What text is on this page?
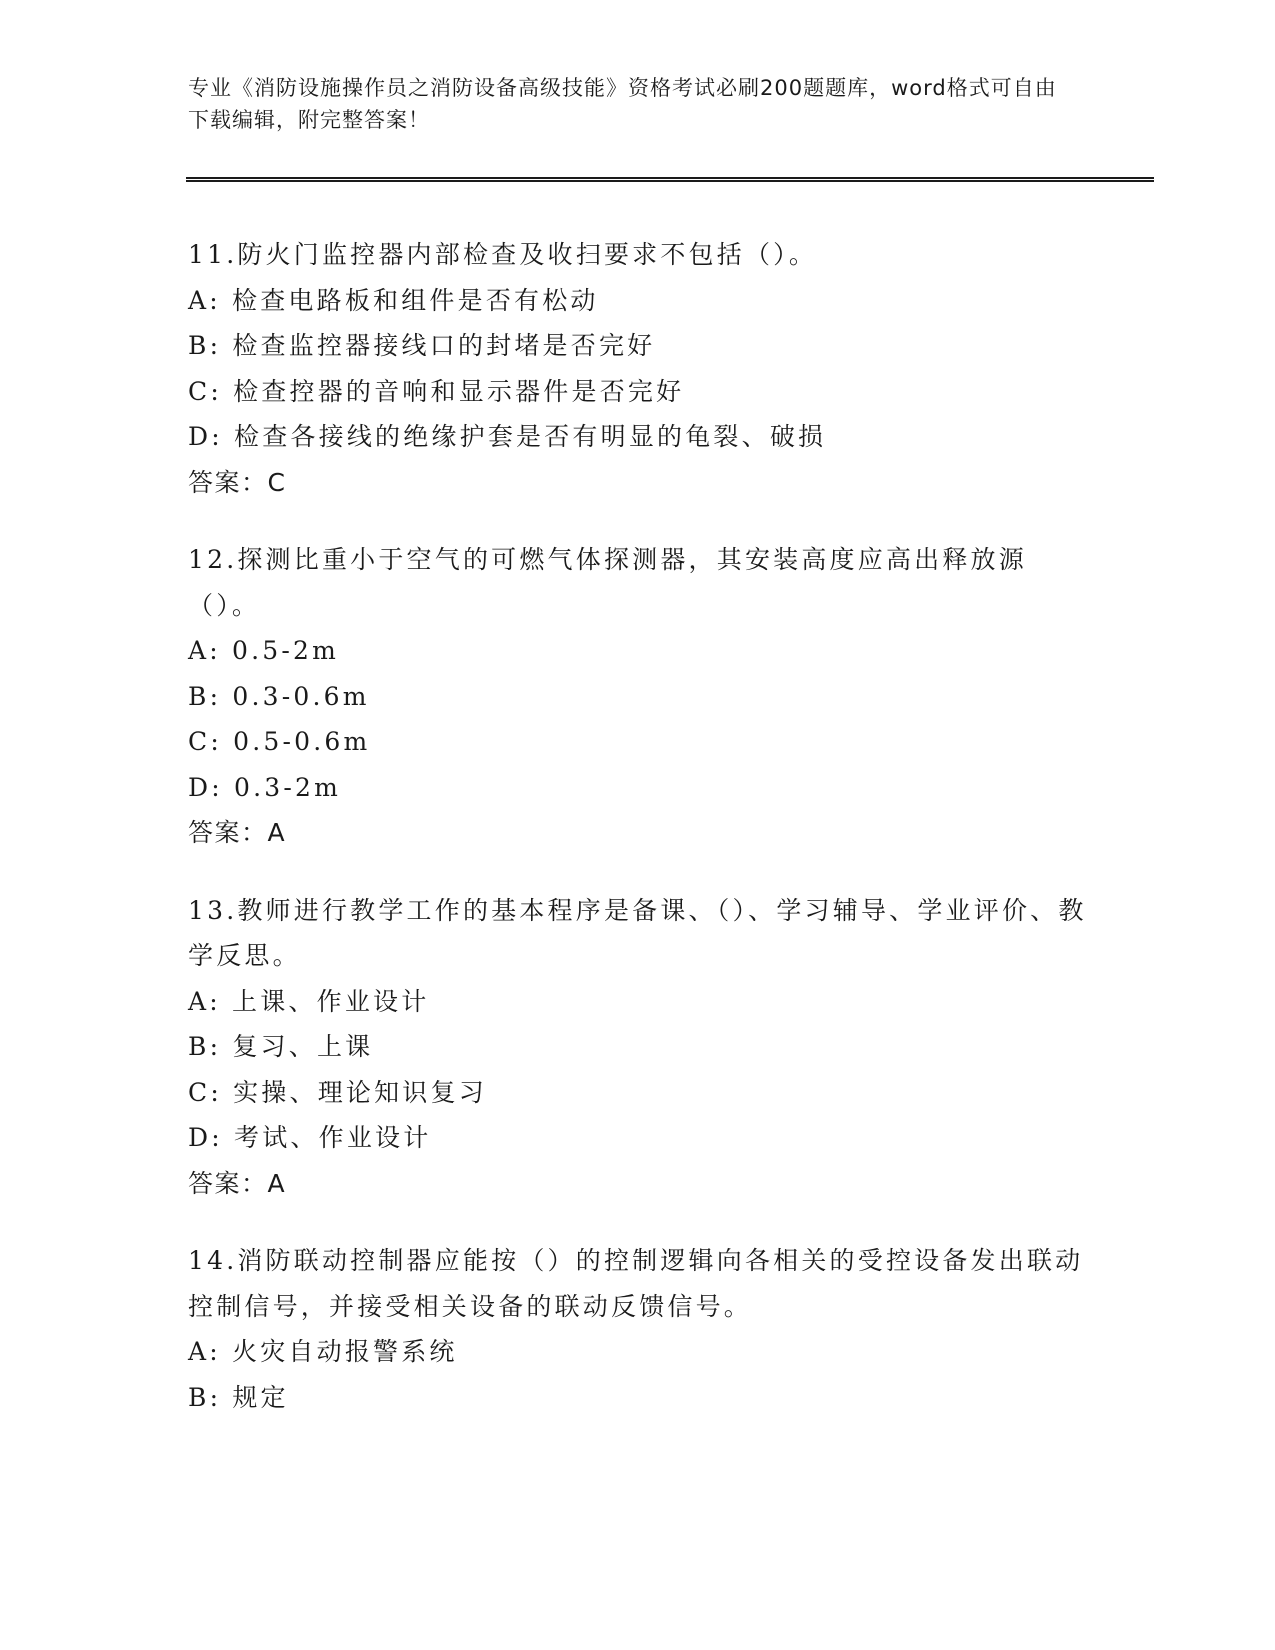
专业《消防设施操作员之消防设备高级技能》资格考试必刷200题题库，word格式可自由下载编辑，附完整答案！
11.防火门监控器内部检查及收扫要求不包括（）。
A: 检查电路板和组件是否有松动
B: 检查监控器接线口的封堵是否完好
C: 检查控器的音响和显示器件是否完好
D: 检查各接线的绝缘护套是否有明显的龟裂、破损
答案：C
12.探测比重小于空气的可燃气体探测器，其安装高度应高出释放源（）。
A: 0.5-2m
B: 0.3-0.6m
C: 0.5-0.6m
D: 0.3-2m
答案：A
13.教师进行教学工作的基本程序是备课、（）、学习辅导、学业评价、教学反思。
A: 上课、作业设计
B: 复习、上课
C: 实操、理论知识复习
D: 考试、作业设计
答案：A
14.消防联动控制器应能按（）的控制逻辑向各相关的受控设备发出联动控制信号，并接受相关设备的联动反馈信号。
A: 火灾自动报警系统
B: 规定
